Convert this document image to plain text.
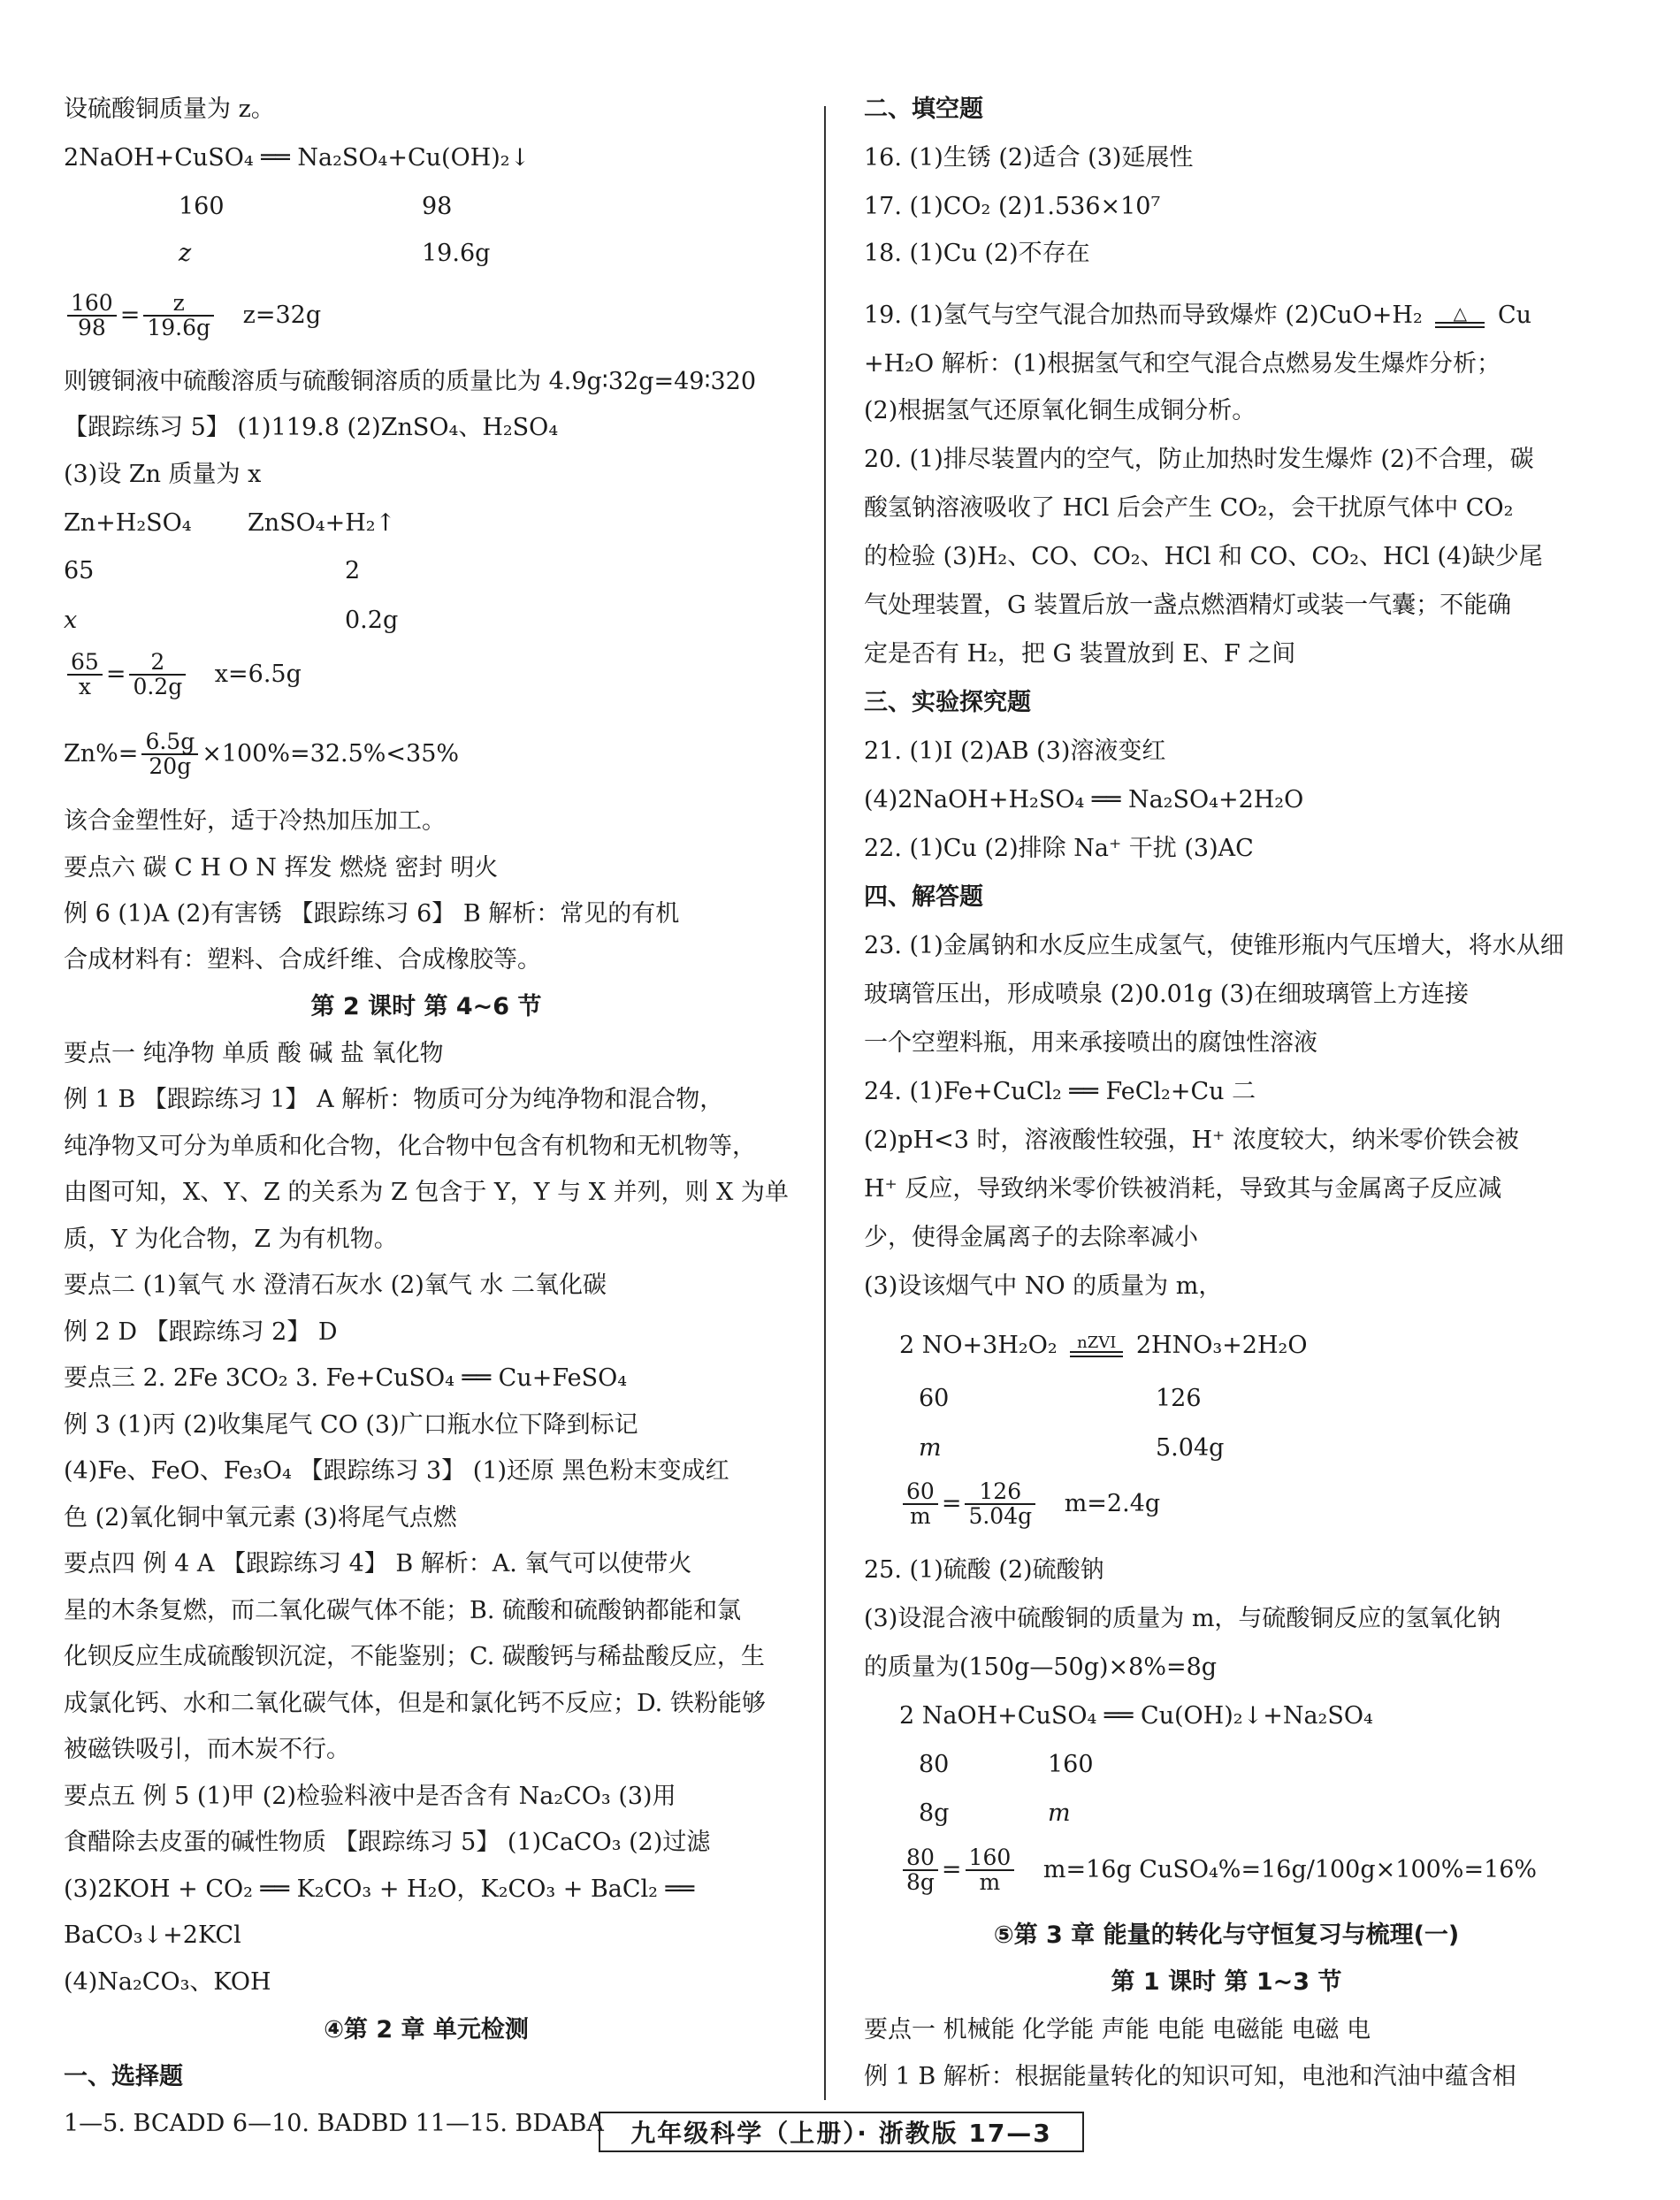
设硫酸铜质量为 z。
2NaOH+CuSO₄ ══ Na₂SO₄+Cu(OH)₂↓
160	98
z	19.6g
$\frac{160}{98} = \frac{z}{19.6g} z=32g$
则镀铜液中硫酸溶质与硫酸铜溶质的质量比为 4.9g∶32g=49∶320
【跟踪练习 5】 (1)119.8 (2)ZnSO₄、H₂SO₄
(3)设 Zn 质量为 x
Zn+H₂SO₄ ZnSO₄+H₂↑
65	2
x	0.2g
$\frac{65}{x} = \frac{2}{0.2g} x=6.5g$
$Zn\%= \frac{6.5g}{20g} \times 100\%=32.5\%<35\%$
该合金塑性好，适于冷热加压加工。
要点六 碳 C H O N 挥发 燃烧 密封 明火
例 6 (1)A (2)有害锈 【跟踪练习 6】 B 解析：常见的有机
合成材料有：塑料、合成纤维、合成橡胶等。
第 2 课时 第 4~6 节
要点一 纯净物 单质 酸 碱 盐 氧化物
例 1 B 【跟踪练习 1】 A 解析：物质可分为纯净物和混合物，
纯净物又可分为单质和化合物，化合物中包含有机物和无机物等，
由图可知，X、Y、Z 的关系为 Z 包含于 Y，Y 与 X 并列，则 X 为单
质，Y 为化合物，Z 为有机物。
要点二 (1)氧气 水 澄清石灰水 (2)氧气 水 二氧化碳
例 2 D 【跟踪练习 2】 D
要点三 2. 2Fe 3CO₂ 3. Fe+CuSO₄ ══ Cu+FeSO₄
例 3 (1)丙 (2)收集尾气 CO (3)广口瓶水位下降到标记
(4)Fe、FeO、Fe₃O₄ 【跟踪练习 3】 (1)还原 黑色粉末变成红
色 (2)氧化铜中氧元素 (3)将尾气点燃
要点四 例 4 A 【跟踪练习 4】 B 解析：A. 氧气可以使带火
星的木条复燃，而二氧化碳气体不能；B. 硫酸和硫酸钠都能和氯
化钡反应生成硫酸钡沉淀，不能鉴别；C. 碳酸钙与稀盐酸反应，生
成氯化钙、水和二氧化碳气体，但是和氯化钙不反应；D. 铁粉能够
被磁铁吸引，而木炭不行。
要点五 例 5 (1)甲 (2)检验料液中是否含有 Na₂CO₃ (3)用
食醋除去皮蛋的碱性物质 【跟踪练习 5】 (1)CaCO₃ (2)过滤
(3)2KOH + CO₂ ══ K₂CO₃ + H₂O，K₂CO₃ + BaCl₂ ══
BaCO₃↓+2KCl
(4)Na₂CO₃、KOH
④第 2 章 单元检测
一、选择题
1—5. BCADD 6—10. BADBD 11—15. BDABA
二、填空题
16. (1)生锈 (2)适合 (3)延展性
17. (1)CO₂ (2)1.536×10⁷
18. (1)Cu (2)不存在
19. (1)氢气与空气混合加热而导致爆炸 (2)CuO+H₂ △ Cu
+H₂O 解析：(1)根据氢气和空气混合点燃易发生爆炸分析；
(2)根据氢气还原氧化铜生成铜分析。
20. (1)排尽装置内的空气，防止加热时发生爆炸 (2)不合理，碳
酸氢钠溶液吸收了 HCl 后会产生 CO₂，会干扰原气体中 CO₂
的检验 (3)H₂、CO、CO₂、HCl 和 CO、CO₂、HCl (4)缺少尾
气处理装置，G 装置后放一盏点燃酒精灯或装一气囊；不能确
定是否有 H₂，把 G 装置放到 E、F 之间
三、实验探究题
21. (1)Ⅰ (2)AB (3)溶液变红
(4)2NaOH+H₂SO₄ ══ Na₂SO₄+2H₂O
22. (1)Cu (2)排除 Na⁺ 干扰 (3)AC
四、解答题
23. (1)金属钠和水反应生成氢气，使锥形瓶内气压增大，将水从细
玻璃管压出，形成喷泉 (2)0.01g (3)在细玻璃管上方连接
一个空塑料瓶，用来承接喷出的腐蚀性溶液
24. (1)Fe+CuCl₂ ══ FeCl₂+Cu 二
(2)pH<3 时，溶液酸性较强，H⁺ 浓度较大，纳米零价铁会被
H⁺ 反应，导致纳米零价铁被消耗，导致其与金属离子反应减
少，使得金属离子的去除率减小
(3)设该烟气中 NO 的质量为 m，
2 NO+3H₂O₂ nZVI 2HNO₃+2H₂O
60	126
m	5.04g
$\frac{60}{m} = \frac{126}{5.04g} m=2.4g$
25. (1)硫酸 (2)硫酸钠
(3)设混合液中硫酸铜的质量为 m，与硫酸铜反应的氢氧化钠
的质量为(150g—50g)×8%=8g
2 NaOH+CuSO₄ ══ Cu(OH)₂↓+Na₂SO₄
80	160
8g	m
$\frac{80}{8g} = \frac{160}{m} m=16g$ CuSO₄%=16g/100g×100%=16%
⑤第 3 章 能量的转化与守恒复习与梳理(一)
第 1 课时 第 1~3 节
要点一 机械能 化学能 声能 电能 电磁能 电磁 电
例 1 B 解析：根据能量转化的知识可知，电池和汽油中蕴含相
九年级科学（上册）· 浙教版 17—3
